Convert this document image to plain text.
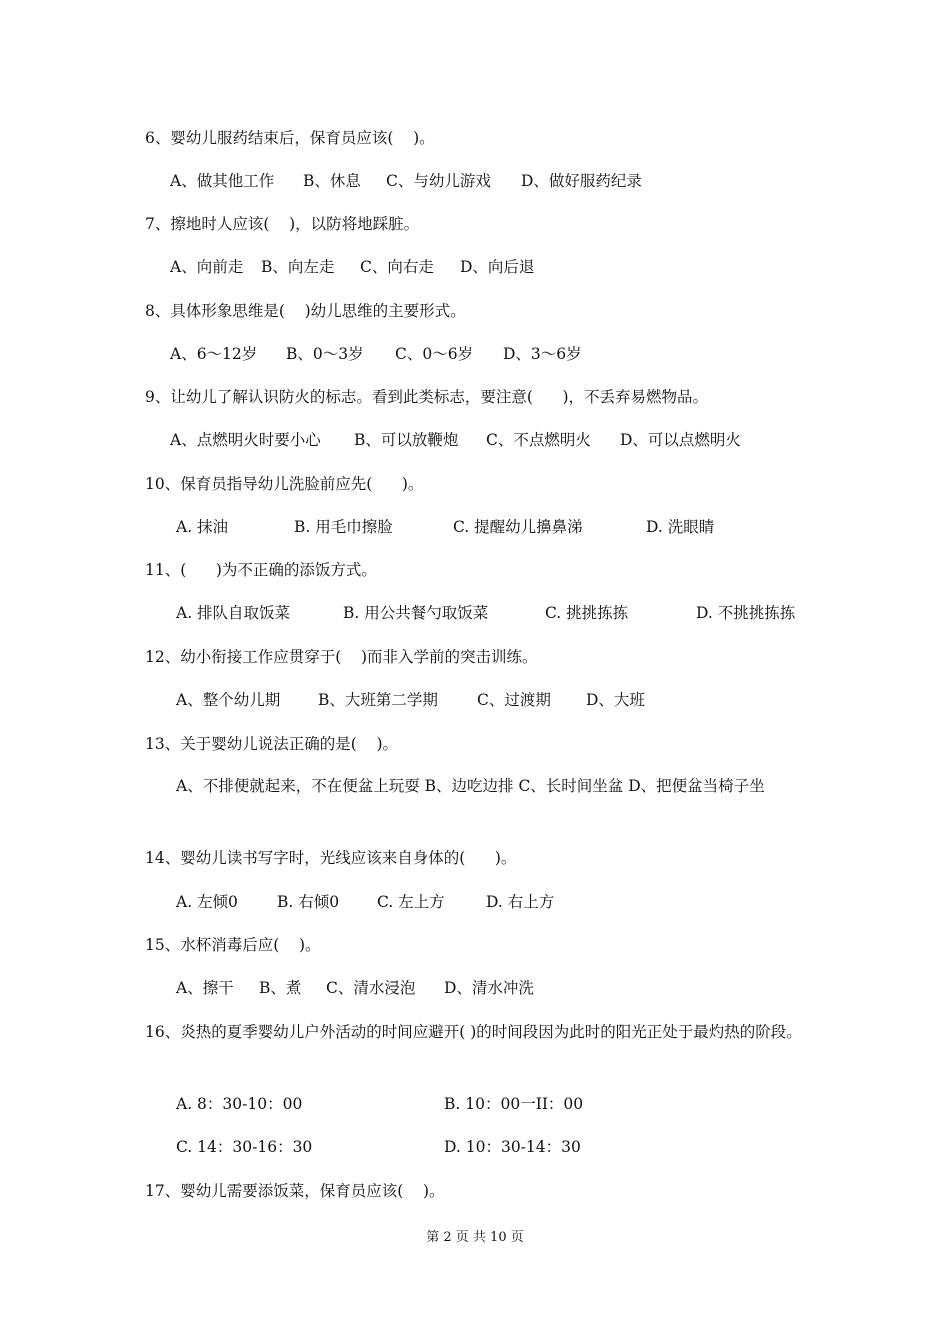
6、婴幼儿服药结束后，保育员应该(    )。

A、做其他工作

B、休息

C、与幼儿游戏

D、做好服药纪录

7、擦地时人应该(    )，以防将地踩脏。

A、向前走

B、向左走

C、向右走

D、向后退

8、具体形象思维是(    )幼儿思维的主要形式。

A、6～12岁

B、0～3岁

C、0～6岁

D、3～6岁

9、让幼儿了解认识防火的标志。看到此类标志，要注意(      )，不丢弃易燃物品。

A、点燃明火时要小心

B、可以放鞭炮

C、不点燃明火

D、可以点燃明火

10、保育员指导幼儿洗脸前应先(      )。

A. 抹油

	B. 用毛巾擦脸

	C. 提醒幼儿擤鼻涕

	D. 洗眼睛

11、(      )为不正确的添饭方式。

A. 排队自取饭菜

	B. 用公共餐勺取饭菜

	C. 挑挑拣拣

	D. 不挑挑拣拣

12、幼小衔接工作应贯穿于(    )而非入学前的突击训练。

A、整个幼儿期

B、大班第二学期

	C、过渡期

D、大班

13、关于婴幼儿说法正确的是(    )。
A、不排便就起来，不在便盆上玩耍 B、边吃边排 C、长时间坐盆 D、把便盆当椅子坐
14、婴幼儿读书写字时，光线应该来自身体的(      )。

A. 左倾0

	B. 右倾0

C. 左上方

	D. 右上方

15、水杯消毒后应(    )。

A、擦干

B、煮

C、清水浸泡

D、清水冲洗

16、炎热的夏季婴幼儿户外活动的时间应避开( )的时间段因为此时的阳光正处于最灼热的阶段。

A. 8：30-10：00

	B. 10：00一II：00

C. 14：30-16：30

	D. 10：30-14：30

17、婴幼儿需要添饭菜，保育员应该(    )。
第 2 页 共 10 页
